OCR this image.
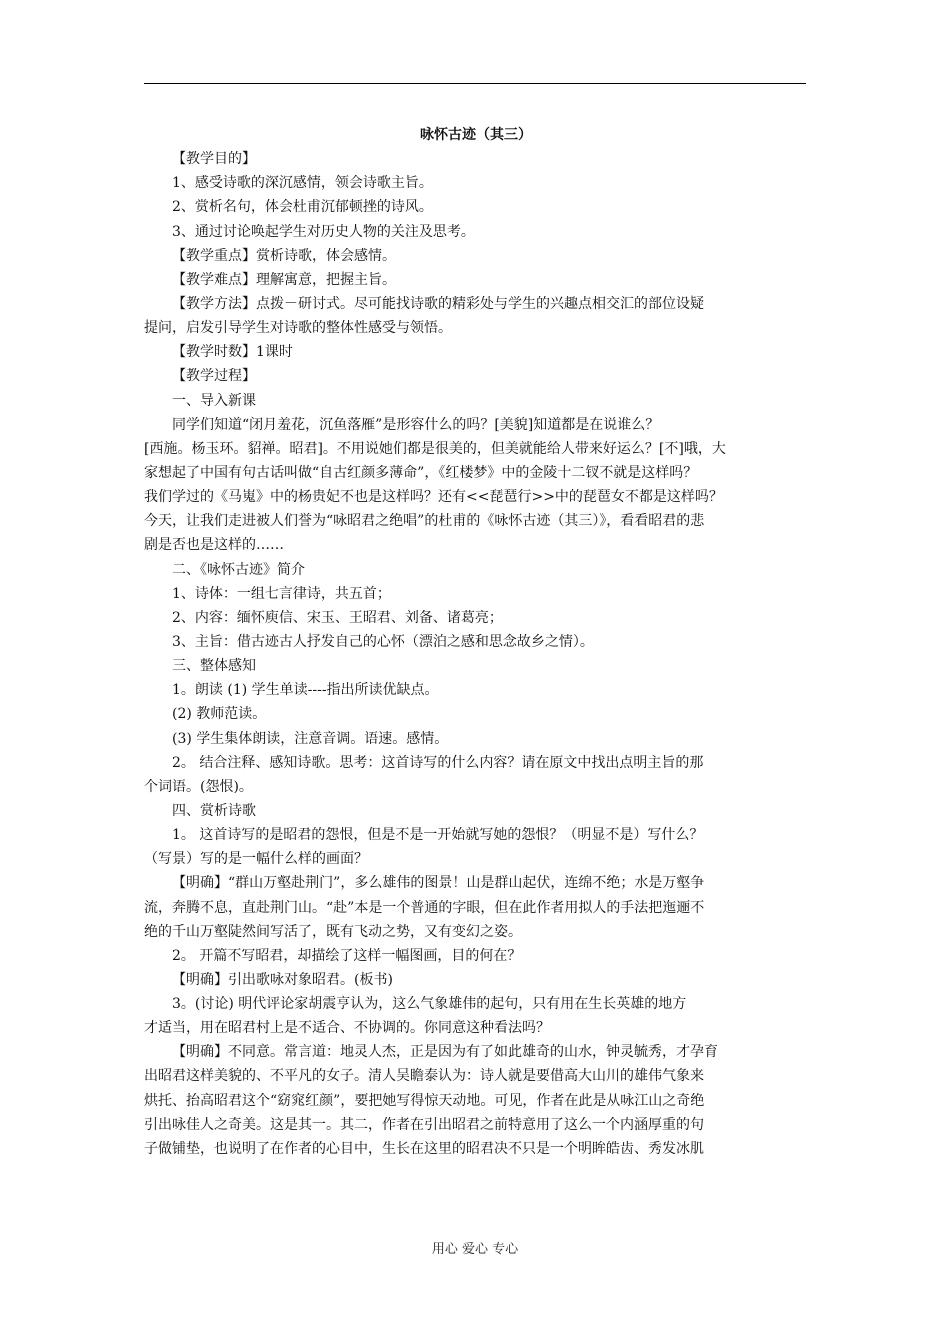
咏怀古迹（其三）
【教学目的】
1、感受诗歌的深沉感情，领会诗歌主旨。
2、赏析名句，体会杜甫沉郁顿挫的诗风。
3、通过讨论唤起学生对历史人物的关注及思考。
【教学重点】赏析诗歌，体会感情。
【教学难点】理解寓意，把握主旨。
【教学方法】点拨－研讨式。尽可能找诗歌的精彩处与学生的兴趣点相交汇的部位设疑
提问，启发引导学生对诗歌的整体性感受与领悟。
【教学时数】1课时
【教学过程】
一、导入新课
同学们知道“闭月羞花，沉鱼落雁”是形容什么的吗？[美貌]知道都是在说谁么？
[西施。杨玉环。貂禅。昭君]。不用说她们都是很美的，但美就能给人带来好运么？[不]哦，大
家想起了中国有句古话叫做“自古红颜多薄命”，《红楼梦》中的金陵十二钗不就是这样吗？
我们学过的《马嵬》中的杨贵妃不也是这样吗？还有<<琵琶行>>中的琵琶女不都是这样吗？
今天，让我们走进被人们誉为“咏昭君之绝唱”的杜甫的《咏怀古迹（其三）》，看看昭君的悲
剧是否也是这样的……
二、《咏怀古迹》简介
1、诗体：一组七言律诗，共五首；
2、内容：缅怀庾信、宋玉、王昭君、刘备、诸葛亮；
3、主旨：借古迹古人抒发自己的心怀（漂泊之感和思念故乡之情）。
三、整体感知
1。朗读 (1) 学生单读----指出所读优缺点。
(2) 教师范读。
(3) 学生集体朗读，注意音调。语速。感情。
2。 结合注释、感知诗歌。思考：这首诗写的什么内容？请在原文中找出点明主旨的那
个词语。(怨恨)。
四、赏析诗歌
1。 这首诗写的是昭君的怨恨，但是不是一开始就写她的怨恨？（明显不是）写什么？
（写景）写的是一幅什么样的画面？
【明确】“群山万壑赴荆门”，多么雄伟的图景！山是群山起伏，连绵不绝；水是万壑争
流，奔腾不息，直赴荆门山。“赴”本是一个普通的字眼，但在此作者用拟人的手法把迤逦不
绝的千山万壑陡然间写活了，既有飞动之势，又有变幻之姿。
2。 开篇不写昭君，却描绘了这样一幅图画，目的何在？
【明确】引出歌咏对象昭君。(板书)
3。(讨论) 明代评论家胡震亨认为，这么气象雄伟的起句，只有用在生长英雄的地方
才适当，用在昭君村上是不适合、不协调的。你同意这种看法吗？
【明确】不同意。常言道：地灵人杰，正是因为有了如此雄奇的山水，钟灵毓秀，才孕育
出昭君这样美貌的、不平凡的女子。清人吴瞻泰认为：诗人就是要借高大山川的雄伟气象来
烘托、抬高昭君这个“窈窕红颜”，要把她写得惊天动地。可见，作者在此是从咏江山之奇绝
引出咏佳人之奇美。这是其一。其二，作者在引出昭君之前特意用了这么一个内涵厚重的句
子做铺垫，也说明了在作者的心目中，生长在这里的昭君决不只是一个明眸皓齿、秀发冰肌
用心 爱心 专心
